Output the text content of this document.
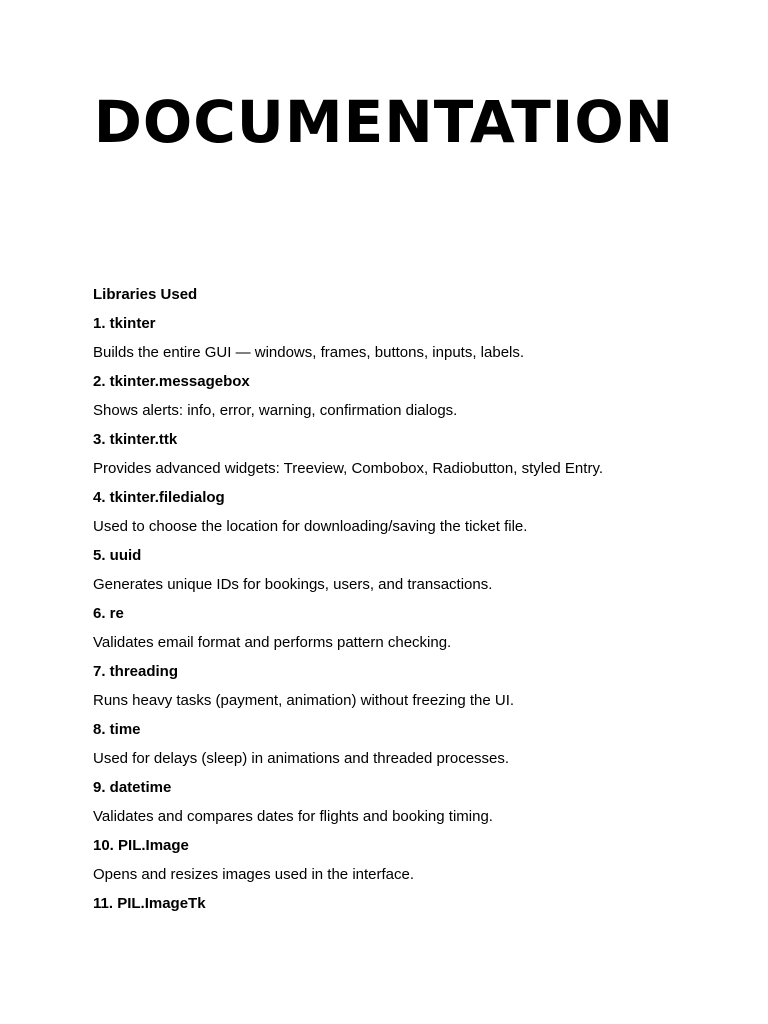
DOCUMENTATION
Libraries Used
1. tkinter
Builds the entire GUI — windows, frames, buttons, inputs, labels.
2. tkinter.messagebox
Shows alerts: info, error, warning, confirmation dialogs.
3. tkinter.ttk
Provides advanced widgets: Treeview, Combobox, Radiobutton, styled Entry.
4. tkinter.filedialog
Used to choose the location for downloading/saving the ticket file.
5. uuid
Generates unique IDs for bookings, users, and transactions.
6. re
Validates email format and performs pattern checking.
7. threading
Runs heavy tasks (payment, animation) without freezing the UI.
8. time
Used for delays (sleep) in animations and threaded processes.
9. datetime
Validates and compares dates for flights and booking timing.
10. PIL.Image
Opens and resizes images used in the interface.
11. PIL.ImageTk
